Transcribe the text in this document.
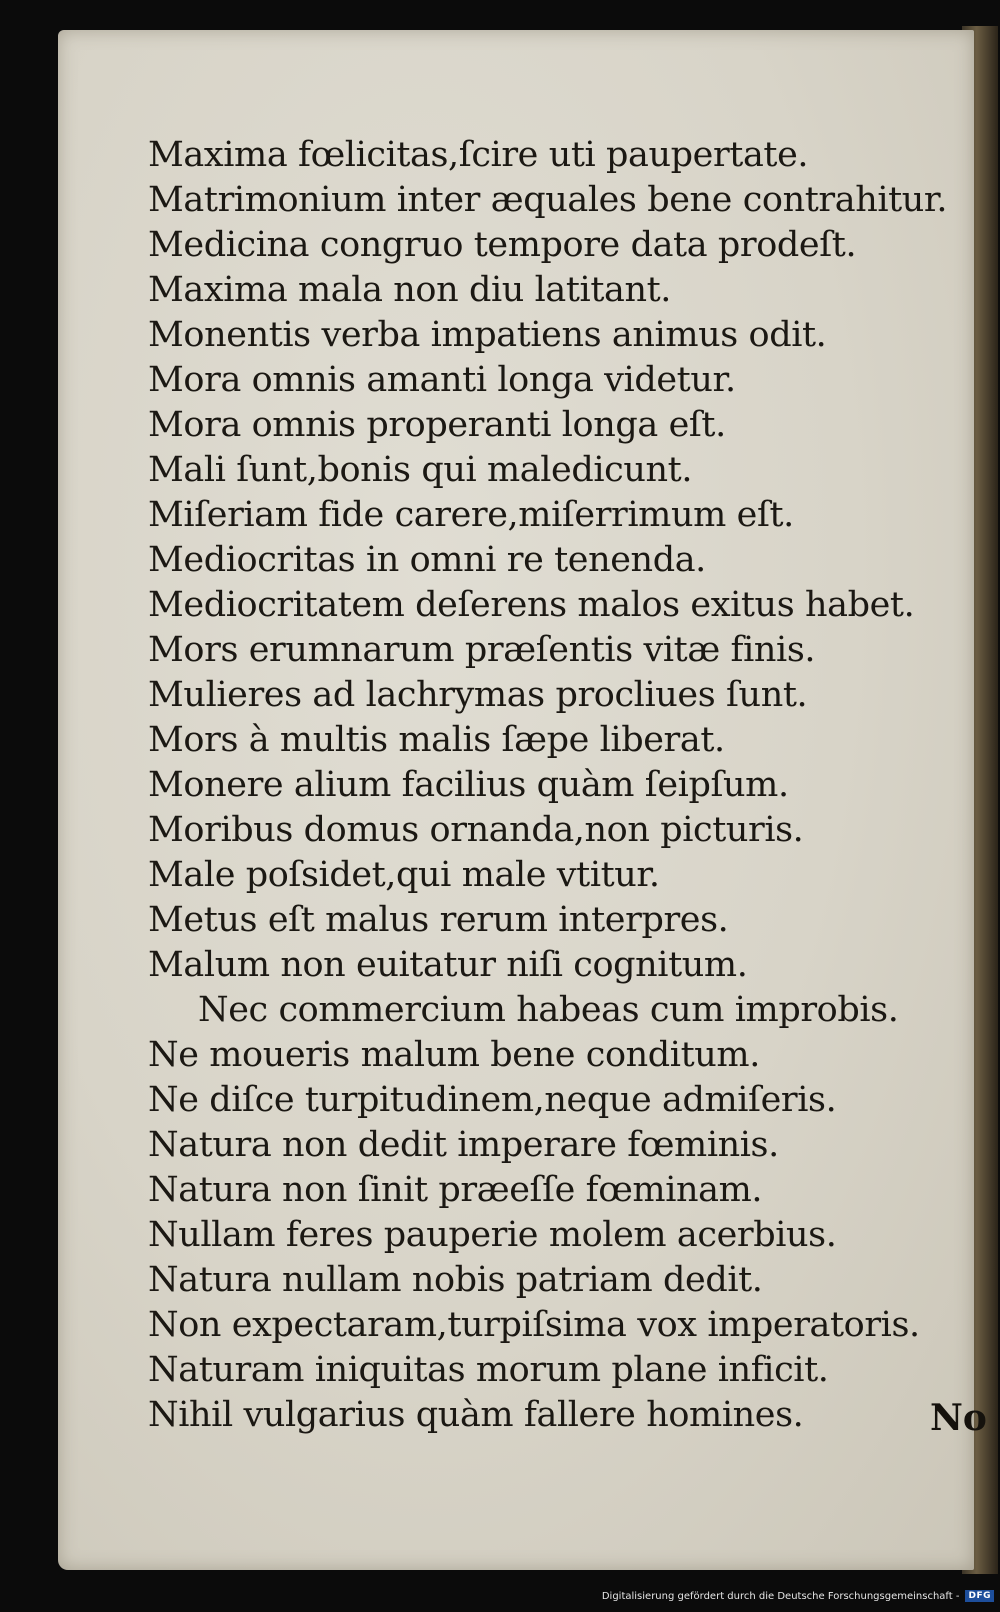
Maxima fœlicitas,ſcire uti paupertate.
Matrimonium inter æquales bene contrahitur.
Medicina congruo tempore data prodeſt.
Maxima mala non diu latitant.
Monentis verba impatiens animus odit.
Mora omnis amanti longa videtur.
Mora omnis properanti longa eſt.
Mali ſunt,bonis qui maledicunt.
Miſeriam fide carere,miſerrimum eſt.
Mediocritas in omni re tenenda.
Mediocritatem deſerens malos exitus habet.
Mors erumnarum præſentis vitæ finis.
Mulieres ad lachrymas procliues ſunt.
Mors à multis malis ſæpe liberat.
Monere alium facilius quàm ſeipſum.
Moribus domus ornanda,non picturis.
Male poſsidet,qui male vtitur.
Metus eſt malus rerum interpres.
Malum non euitatur niſi cognitum.
Nec commercium habeas cum improbis.
Ne moueris malum bene conditum.
Ne diſce turpitudinem,neque admiſeris.
Natura non dedit imperare fœminis.
Natura non ſinit præeſſe fœminam.
Nullam feres pauperie molem acerbius.
Natura nullam nobis patriam dedit.
Non expectaram,turpiſsima vox imperatoris.
Naturam iniquitas morum plane inficit.
Nihil vulgarius quàm fallere homines.	No
Digitalisierung gefördert durch die Deutsche Forschungsgemeinschaft -	DFG
